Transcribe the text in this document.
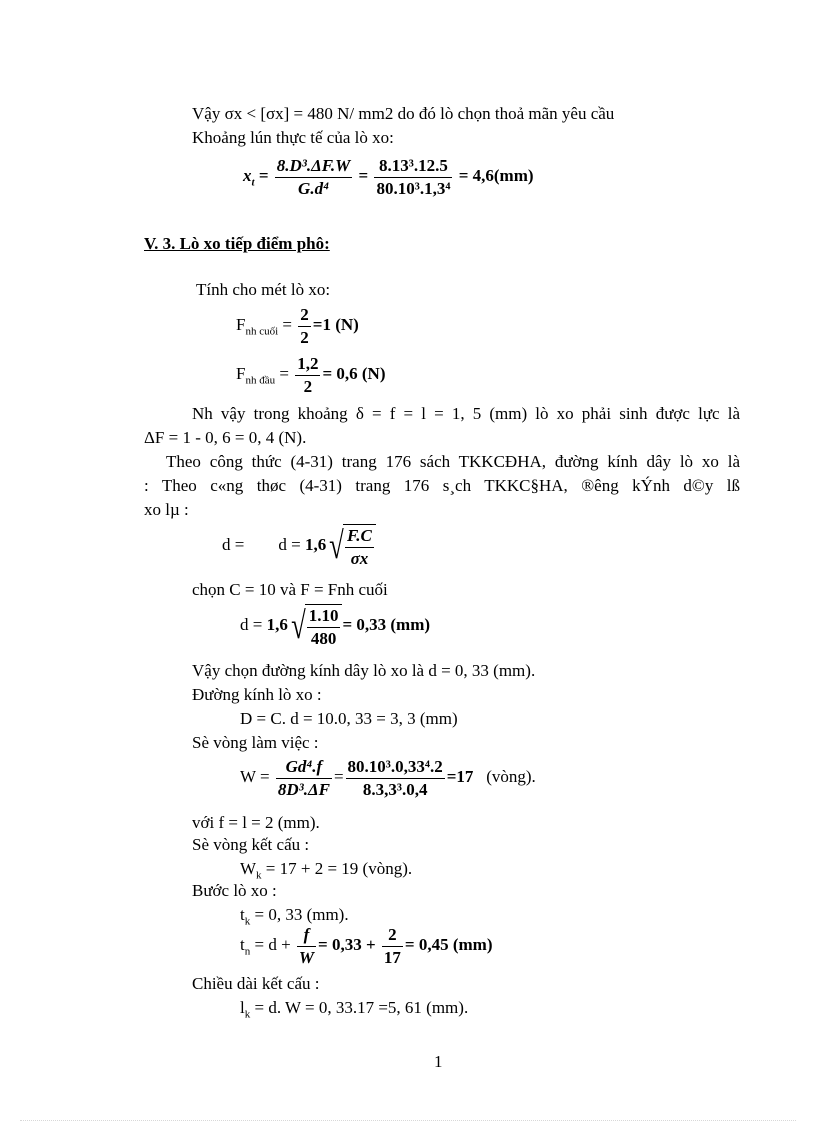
Vậy σx < [σx] = 480 N/ mm2 do đó lò chọn thoả mãn yêu cầu
Khoảng lún thực tế của lò xo:
$x_t = \frac{\text{8.D³.ΔF.W}}{\text{G.d⁴}} = \frac{\text{8.13³.12.5}}{\text{80.10³.1,3⁴}} = 4,6(mm)$
V. 3. Lò xo tiếp điểm phô:
Tính cho mét lò xo:
$F_{nh cuối} = \frac{2}{2} =1$ (N)
$F_{nh đầu} = \frac{1,2}{2} = 0,6$ (N)
Nh vậy trong khoảng δ = f = l = 1, 5 (mm) lò xo phải sinh được lực là
ΔF = 1 - 0, 6 = 0, 4 (N).
Theo công thức (4-31) trang 176 sách TKKCĐHA, đường kính dây lò xo là
: Theo c«ng thøc (4-31) trang 176 s¸ch TKKC§HA, ®êng kÝnh d©y lß
xo lµ :
d =        $d = 1,6√ \frac{F.C}{\sigma x}$
chọn C = 10 và F = Fnh cuối
$d = 1,6√ \frac{1.10}{480} = 0,33$ (mm)
Vậy chọn đường kính dây lò xo là d = 0, 33 (mm).
Đường kính lò xo :
D = C. d = 10.0, 33 = 3, 3 (mm)
Sè vòng làm việc :
$W = \frac{\text{Gd⁴.f}}{\text{8D³.ΔF}} = \frac{\text{80.10³.0,33⁴.2}}{\text{8.3,3³.0,4}} =17$ (vòng).
với f = l = 2 (mm).
Sè vòng kết cấu :
$W_k = 17 + 2 = 19$ (vòng).
Bước lò xo :
$t_k = 0$, 33 (mm).
$t_n = d + \frac{f}{W} = 0,33 + \frac{2}{17} = 0,45$ (mm)
Chiều dài kết cấu :
$l_k = d$. W = 0, 33.17 =5, 61 (mm).
1
